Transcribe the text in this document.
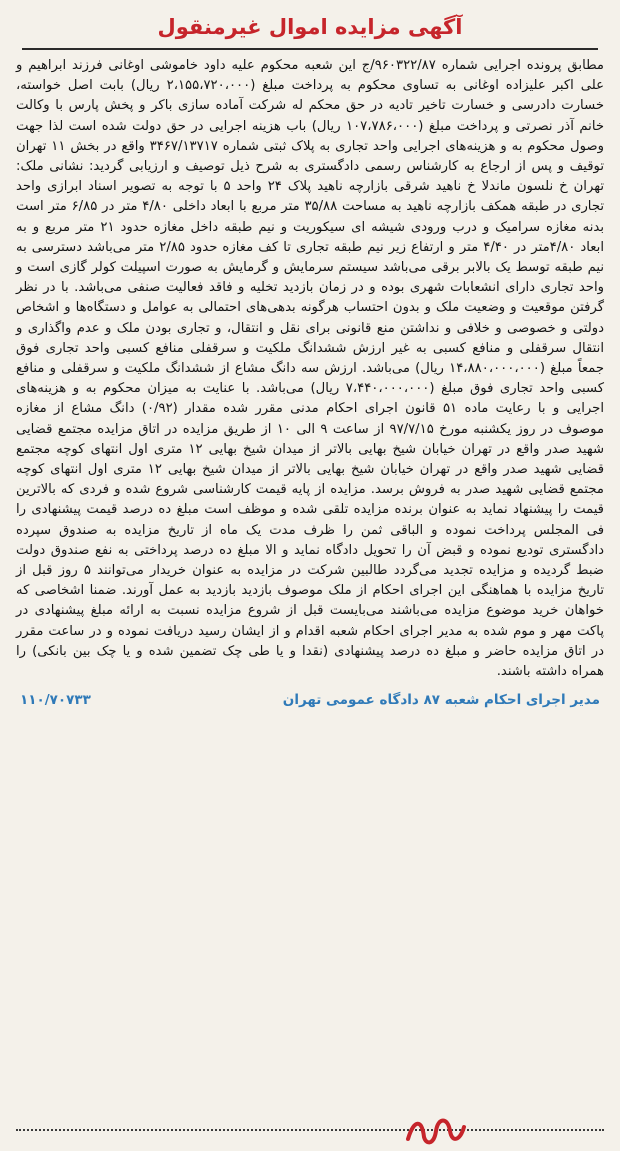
آگهی مزایده اموال غیرمنقول

مطابق پرونده اجرایی شماره ۹۶۰۳۲۲/۸۷/ج این شعبه محکوم علیه داود خاموشی اوغانی فرزند ابراهیم و علی اکبر علیزاده اوغانی به تساوی محکوم به پرداخت مبلغ (۲،۱۵۵،۷۲۰،۰۰۰ ریال) بابت اصل خواسته، خسارت دادرسی و خسارت تاخیر تادیه در حق محکم له شرکت آماده سازی باکر و پخش پارس با وکالت خانم آذر نصرتی و پرداخت مبلغ (۱۰۷،۷۸۶،۰۰۰ ریال) باب هزینه اجرایی در حق دولت شده است لذا جهت وصول محکوم به و هزینه‌های اجرایی واحد تجاری به پلاک ثبتی شماره ۳۴۶۷/۱۳۷۱۷ واقع در بخش ۱۱ تهران توقیف و پس از ارجاع به کارشناس رسمی دادگستری به شرح ذیل توصیف و ارزیابی گردید: نشانی ملک: تهران خ نلسون ماندلا خ ناهید شرقی بازارچه ناهید پلاک ۲۴ واحد ۵ با توجه به تصویر اسناد ابرازی واحد تجاری در طبقه همکف بازارچه ناهید به مساحت ۳۵/۸۸ متر مربع با ابعاد داخلی ۴/۸۰ متر در ۶/۸۵ متر است بدنه مغازه سرامیک و درب ورودی شیشه ای سیکوریت و نیم طبقه داخل مغازه حدود ۲۱ متر مربع و به ابعاد ۴/۸۰متر در ۴/۴۰ متر و ارتفاع زیر نیم طبقه تجاری تا کف مغازه حدود ۲/۸۵ متر می‌باشد دسترسی به نیم طبقه توسط یک بالابر برقی می‌باشد سیستم سرمایش و گرمایش به صورت اسپیلت کولر گازی است و واحد تجاری دارای انشعابات شهری بوده و در زمان بازدید تخلیه و فاقد فعالیت صنفی می‌باشد. با در نظر گرفتن موقعیت و وضعیت ملک و بدون احتساب هرگونه بدهی‌های احتمالی به عوامل و دستگاه‌ها و اشخاص دولتی و خصوصی و خلافی و نداشتن منع قانونی برای نقل و انتقال، و تجاری بودن ملک و عدم واگذاری و انتقال سرقفلی و منافع کسبی به غیر ارزش ششدانگ ملکیت و سرقفلی منافع کسبی واحد تجاری فوق جمعاً مبلغ (۱۴،۸۸۰،۰۰۰،۰۰۰ ریال) می‌باشد. ارزش سه دانگ مشاع از ششدانگ ملکیت و سرقفلی و منافع کسبی واحد تجاری فوق مبلغ (۷،۴۴۰،۰۰۰،۰۰۰ ریال) می‌باشد. با عنایت به میزان محکوم به و هزینه‌های اجرایی و با رعایت ماده ۵۱ قانون اجرای احکام مدنی مقرر شده مقدار (۰/۹۲) دانگ مشاع از مغازه موصوف در روز یکشنبه مورخ ۹۷/۷/۱۵ از ساعت ۹ الی ۱۰ از طریق مزایده در اتاق مزایده مجتمع قضایی شهید صدر واقع در تهران خیابان شیخ بهایی بالاتر از میدان شیخ بهایی ۱۲ متری اول انتهای کوچه مجتمع قضایی شهید صدر واقع در تهران خیابان شیخ بهایی بالاتر از میدان شیخ بهایی ۱۲ متری اول انتهای کوچه مجتمع قضایی شهید صدر به فروش برسد. مزایده از پایه قیمت کارشناسی شروع شده و فردی که بالاترین قیمت را پیشنهاد نماید به عنوان برنده مزایده تلقی شده و موظف است مبلغ ده درصد قیمت پیشنهادی را فی المجلس پرداخت نموده و الباقی ثمن را ظرف مدت یک ماه از تاریخ مزایده به صندوق سپرده دادگستری تودیع نموده و قبض آن را تحویل دادگاه نماید و الا مبلغ ده درصد پرداختی به نفع صندوق دولت ضبط گردیده و مزایده تجدید می‌گردد طالبین شرکت در مزایده به عنوان خریدار می‌توانند ۵ روز قبل از تاریخ مزایده با هماهنگی این اجرای احکام از ملک موصوف بازدید بازدید به عمل آورند. ضمنا اشخاصی که خواهان خرید موضوع مزایده می‌باشند می‌بایست قبل از شروع مزایده نسبت به ارائه مبلغ پیشنهادی در پاکت مهر و موم شده به مدیر اجرای احکام شعبه اقدام و از ایشان رسید دریافت نموده و در ساعت مقرر در اتاق مزایده حاضر و مبلغ ده درصد پیشنهادی (نقدا و یا طی چک تضمین شده و یا چک بین بانکی) را همراه داشته باشند.

مدیر اجرای احکام شعبه ۸۷ دادگاه عمومی تهران
۱۱۰/۷۰۷۳۳
